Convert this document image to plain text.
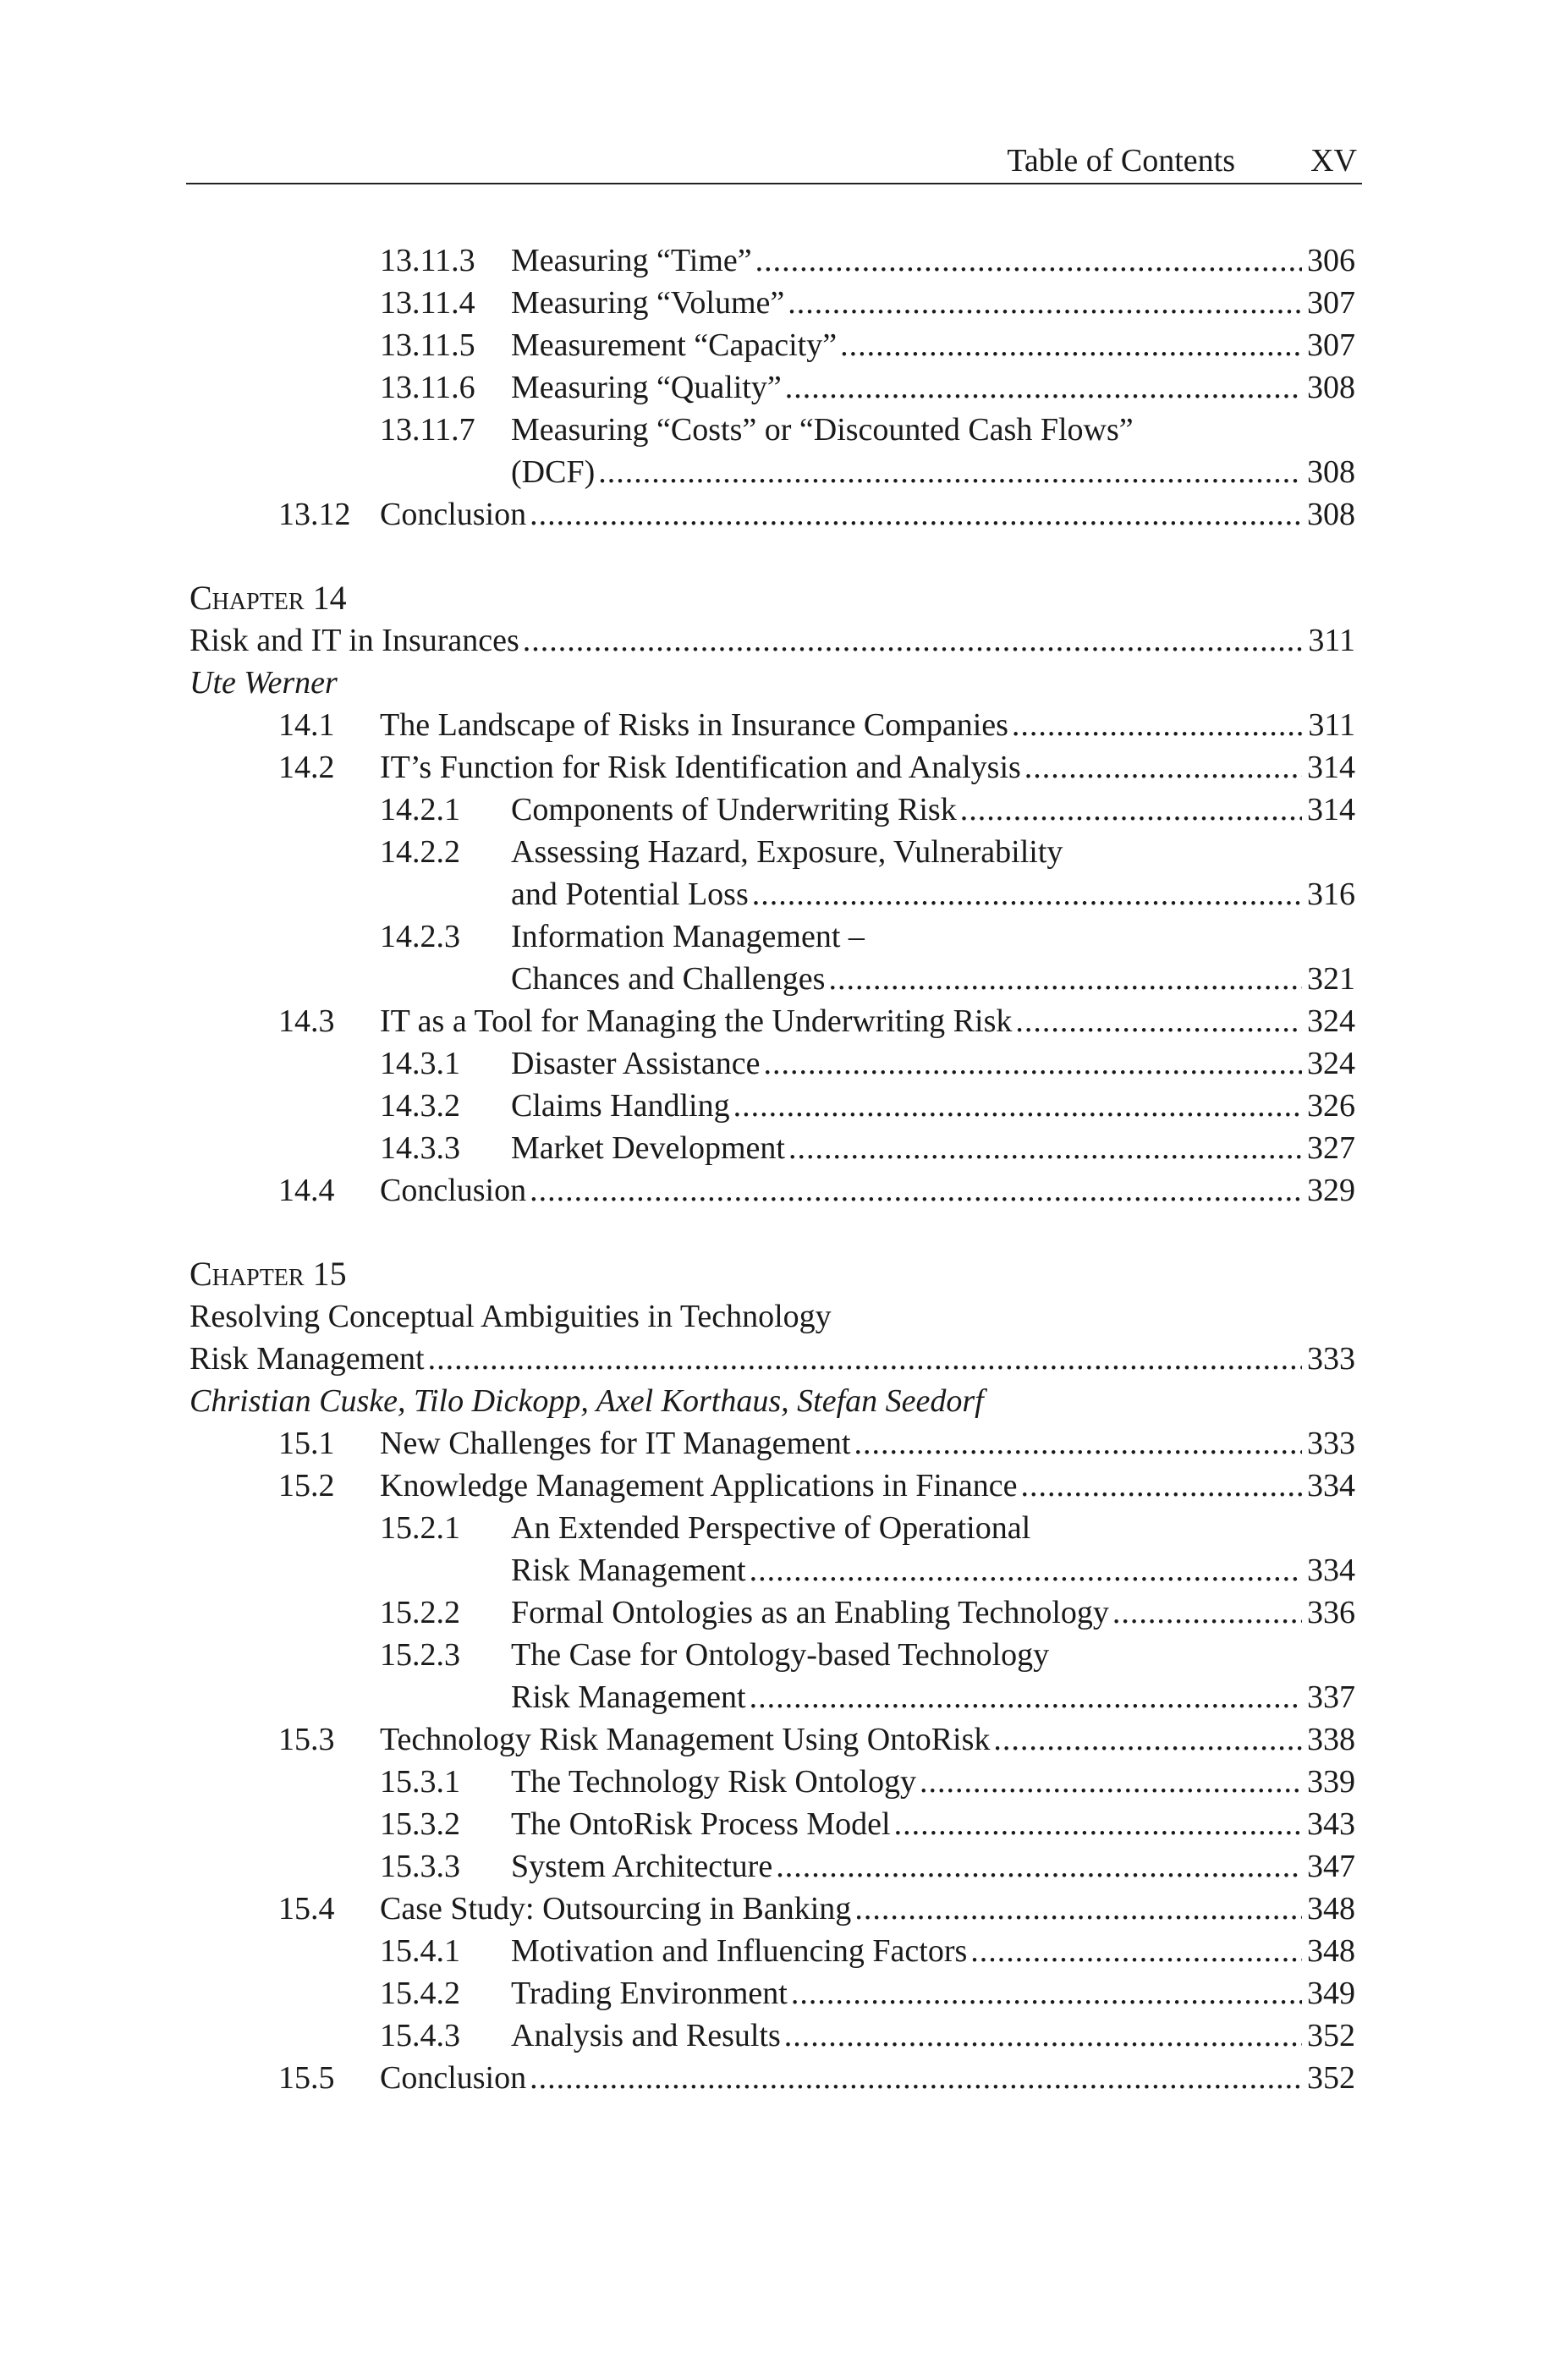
Table of Contents XV
13.11.3 Measuring “Time” .....	306
13.11.4 Measuring “Volume” .....	307
13.11.5 Measurement “Capacity” .....	307
13.11.6 Measuring “Quality” .....	308
13.11.7 Measuring “Costs” or “Discounted Cash Flows”
(DCF) .....	308
13.12 Conclusion .....	308
Chapter 14
Risk and IT in Insurances .....	311
Ute Werner
14.1 The Landscape of Risks in Insurance Companies .....	311
14.2 IT’s Function for Risk Identification and Analysis .....	314
14.2.1 Components of Underwriting Risk .....	314
14.2.2 Assessing Hazard, Exposure, Vulnerability
and Potential Loss .....	316
14.2.3 Information Management –
Chances and Challenges .....	321
14.3 IT as a Tool for Managing the Underwriting Risk .....	324
14.3.1 Disaster Assistance .....	324
14.3.2 Claims Handling .....	326
14.3.3 Market Development .....	327
14.4 Conclusion .....	329
Chapter 15
Resolving Conceptual Ambiguities in Technology
Risk Management .....	333
Christian Cuske, Tilo Dickopp, Axel Korthaus, Stefan Seedorf
15.1 New Challenges for IT Management .....	333
15.2 Knowledge Management Applications in Finance .....	334
15.2.1 An Extended Perspective of Operational
Risk Management .....	334
15.2.2 Formal Ontologies as an Enabling Technology .....	336
15.2.3 The Case for Ontology-based Technology
Risk Management .....	337
15.3 Technology Risk Management Using OntoRisk .....	338
15.3.1 The Technology Risk Ontology .....	339
15.3.2 The OntoRisk Process Model .....	343
15.3.3 System Architecture .....	347
15.4 Case Study: Outsourcing in Banking .....	348
15.4.1 Motivation and Influencing Factors .....	348
15.4.2 Trading Environment .....	349
15.4.3 Analysis and Results .....	352
15.5 Conclusion .....	352
